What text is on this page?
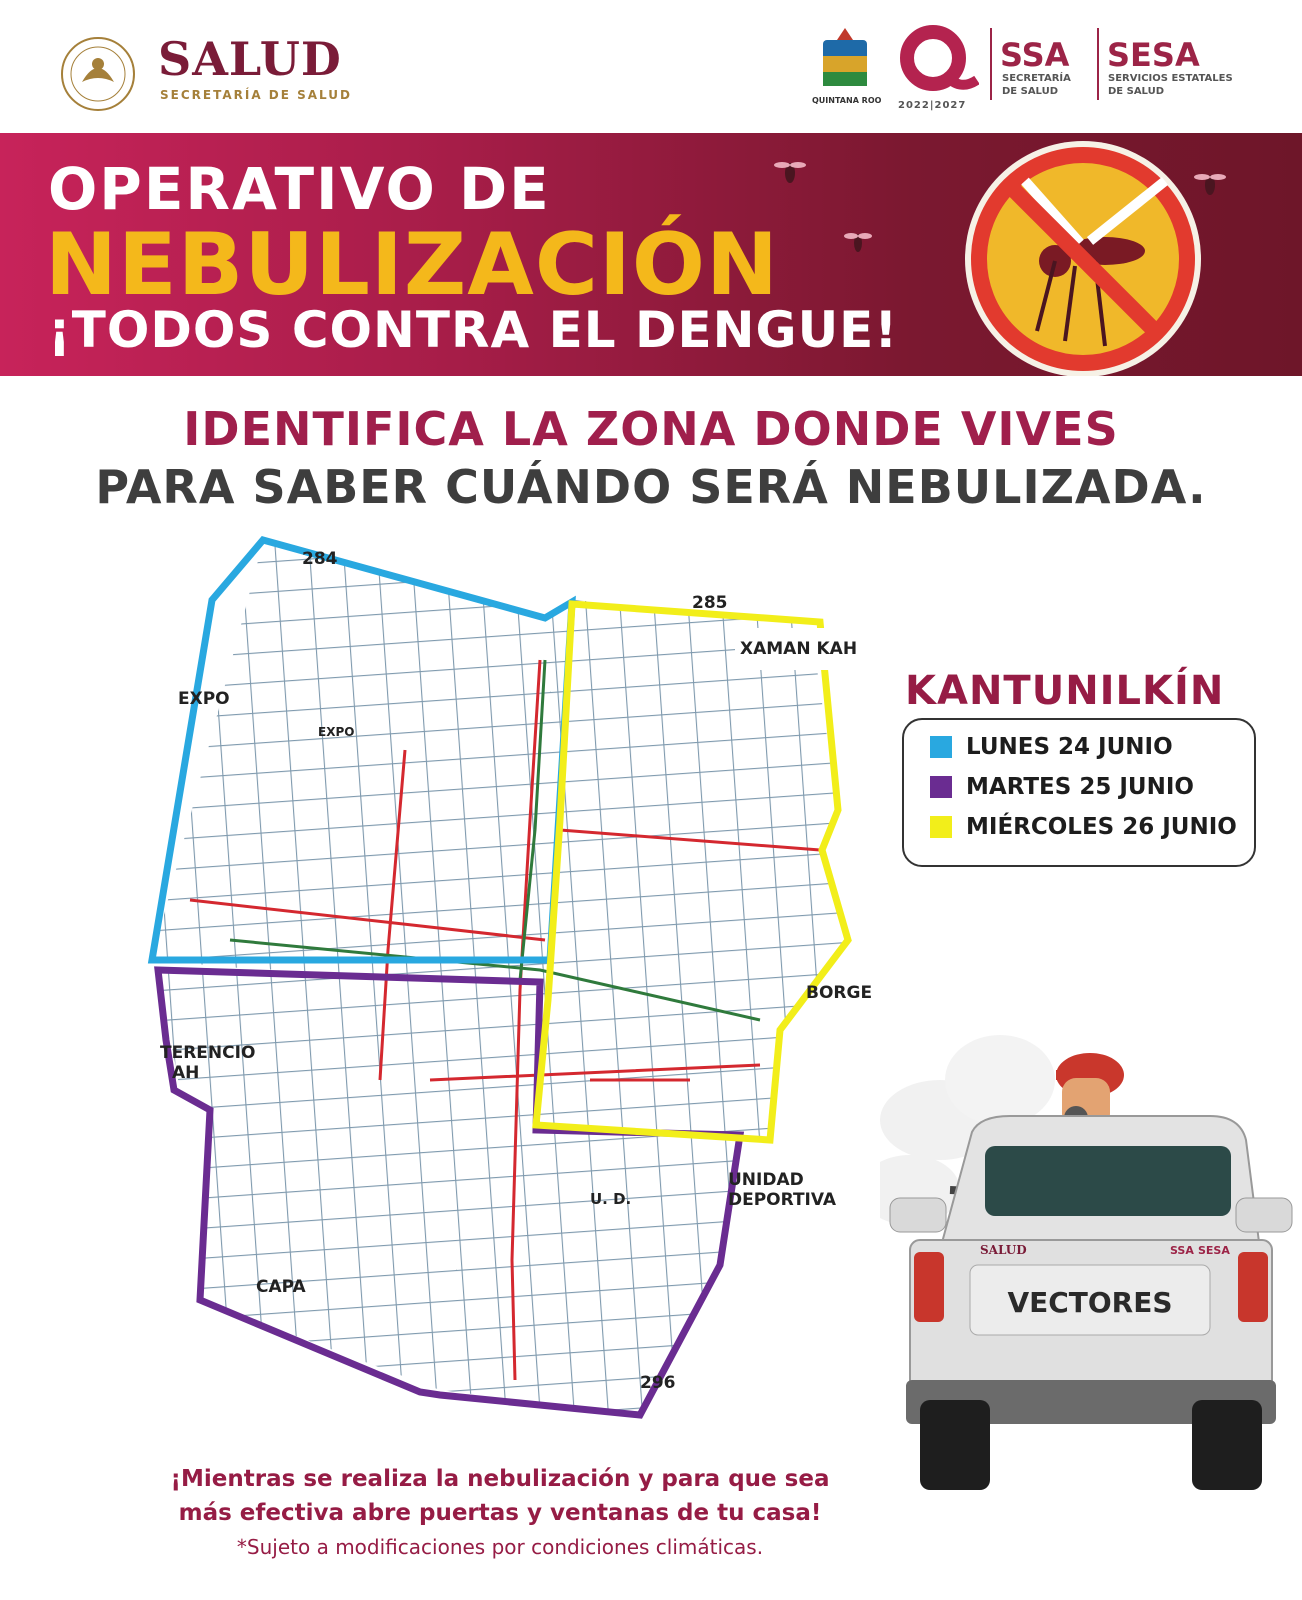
SALUD
SECRETARÍA DE SALUD	QUINTANA ROO 2022|2027
SSA
SECRETARÍA
DE SALUD
SESA
SERVICIOS ESTATALES
DE SALUD
OPERATIVO DE
NEBULIZACIÓN
¡TODOS CONTRA EL DENGUE!
IDENTIFICA LA ZONA DONDE VIVES
PARA SABER CUÁNDO SERÁ NEBULIZADA.
284
285
XAMAN KAH
EXPO
EXPO
BORGE
TERENCIO
AH
UNIDAD
DEPORTIVA
U. D.
CAPA
296
KANTUNILKÍN
LUNES 24 JUNIO
MARTES 25 JUNIO
MIÉRCOLES 26 JUNIO
SALUD	SSA SESA
VECTORES
¡Mientras se realiza la nebulización y para que sea
más efectiva abre puertas y ventanas de tu casa!
*Sujeto a modificaciones por condiciones climáticas.
